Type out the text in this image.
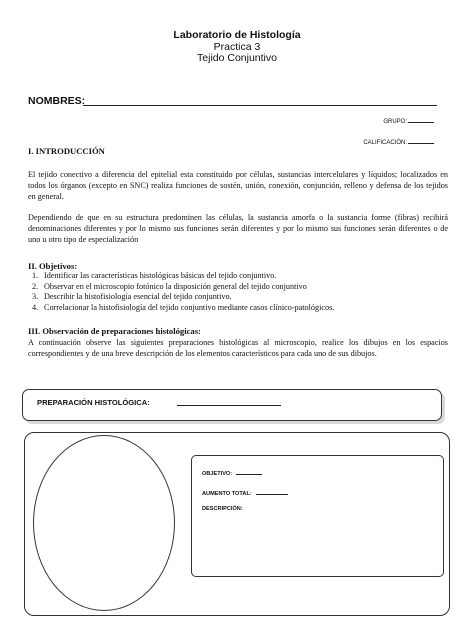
Laboratorio de Histología
Practica 3
Tejido Conjuntivo
NOMBRES:
GRUPO:
CALIFICACIÓN:
I. INTRODUCCIÓN
El tejido conectivo a diferencia del epitelial esta constituido por células, sustancias intercelulares y líquidos; localizados en todos los órganos (excepto en SNC) realiza funciones de sostén, unión, conexión, conjunción, relleno y defensa de los tejidos en general.
Dependiendo de que en su estructura predominen las células, la sustancia amorfa o la sustancia forme (fibras) recibirá denominaciones diferentes y por lo mismo sus funciones serán diferentes y por lo mismo sus funciones serán diferentes o de uno u otro tipo de especialización
II. Objetivos:
1. Identificar las características histológicas básicas del tejido conjuntivo.
2. Observar en el microscopio fotónico la disposición general del tejido conjuntivo
3. Describir la histofisiología esencial del tejido conjuntivo.
4. Correlacionar la histofisiología del tejido conjuntivo mediante casos clínico-patológicos.
III. Observación de preparaciones histológicas:
A continuación observe las siguientes preparaciones histológicas al microscopio, realice los dibujos en los espacios correspondientes y de una breve descripción de los elementos característicos para cada uno de sus dibujos.
PREPARACIÓN HISTOLÓGICA:
OBJETIVO:
AUMENTO TOTAL:
DESCRIPCIÓN:
